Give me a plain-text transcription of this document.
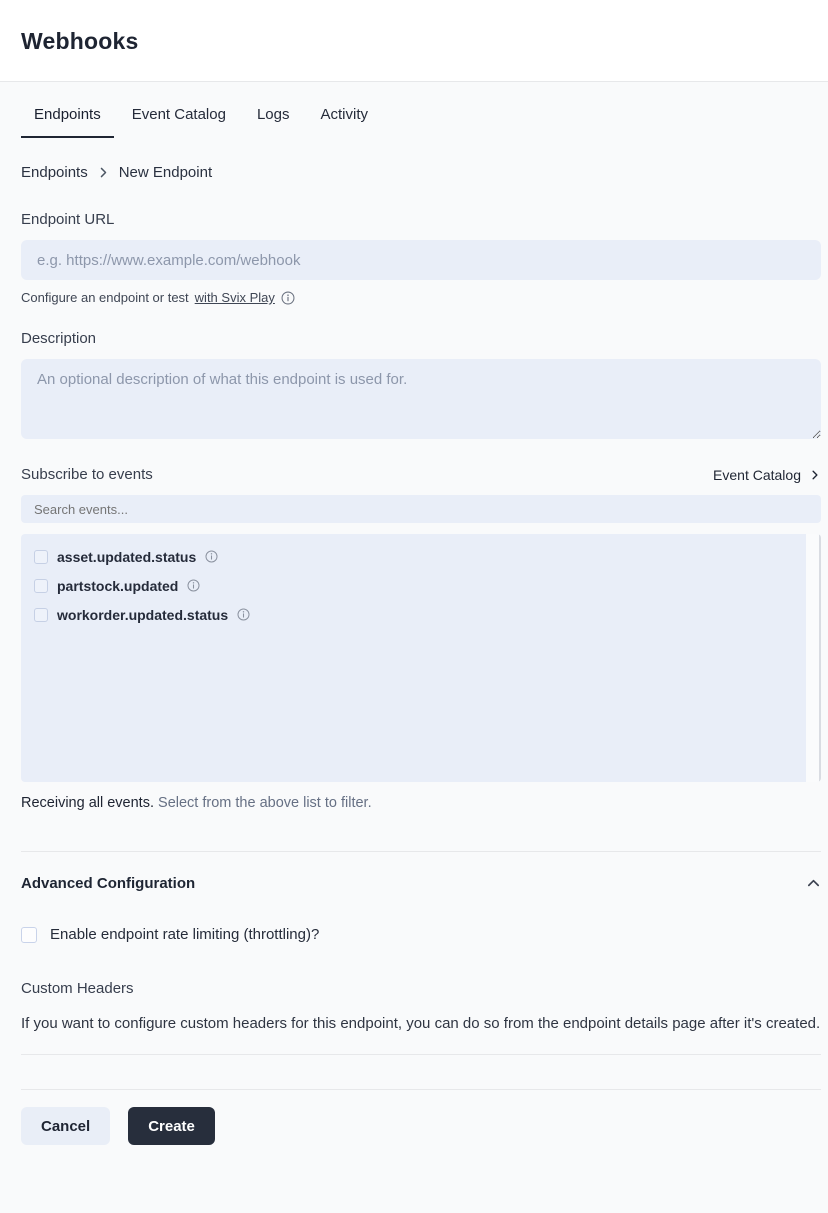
Webhooks
Endpoints	Event Catalog	Logs	Activity
Endpoints New Endpoint
Endpoint URL
e.g. https://www.example.com/webhook
Configure an endpoint or test with Svix Play
Description
An optional description of what this endpoint is used for.
Subscribe to events	Event Catalog
Search events...
asset.updated.status
partstock.updated
workorder.updated.status
Receiving all events. Select from the above list to filter.
Advanced Configuration
Enable endpoint rate limiting (throttling)?
Custom Headers

If you want to configure custom headers for this endpoint, you can do so from the endpoint details page after it's created.

Cancel	Create
